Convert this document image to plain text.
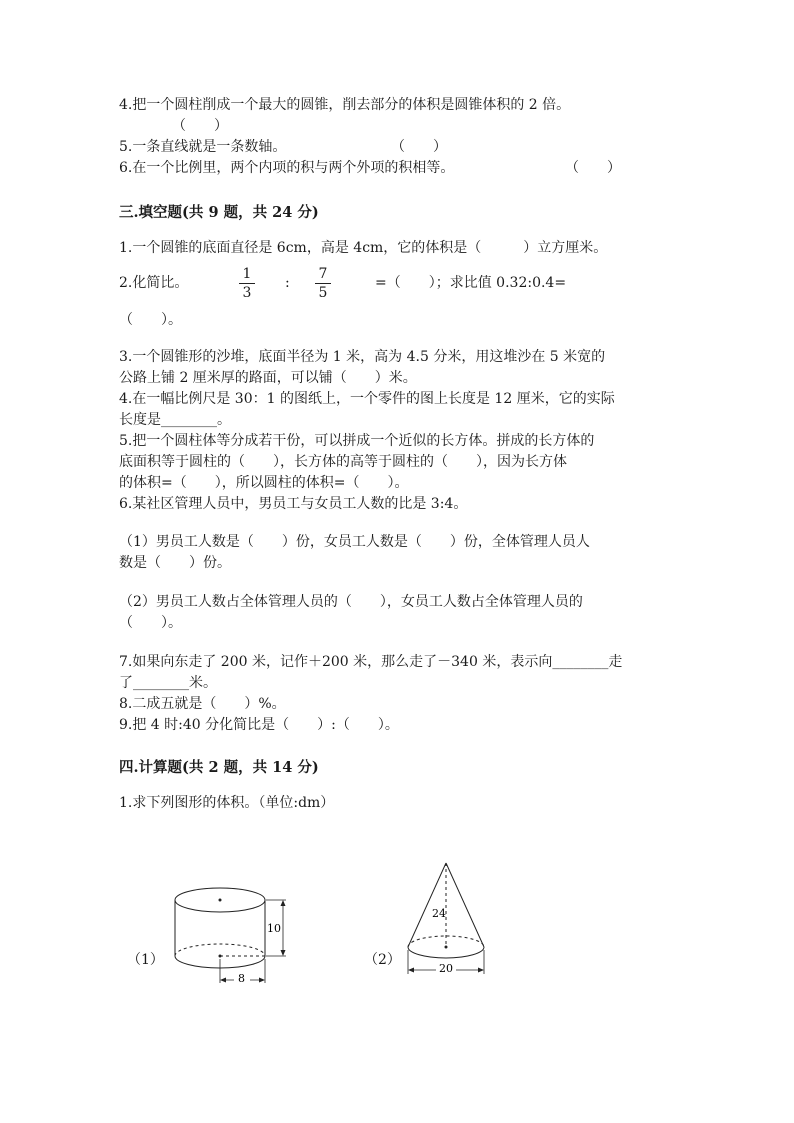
4.把一个圆柱削成一个最大的圆锥，削去部分的体积是圆锥体积的 2 倍。
（　　）
5.一条直线就是一条数轴。	（　　）
6.在一个比例里，两个内项的积与两个外项的积相等。	（　　）
三.填空题(共 9 题，共 24 分)
1.一个圆锥的底面直径是 6cm，高是 4cm，它的体积是（　　　）立方厘米。
2.化简比。
1
3
:
7
5
=（　　）；求比值 0.32:0.4=
（　　）。
3.一个圆锥形的沙堆，底面半径为 1 米，高为 4.5 分米，用这堆沙在 5 米宽的
公路上铺 2 厘米厚的路面，可以铺（　　）米。
4.在一幅比例尺是 30：1 的图纸上，一个零件的图上长度是 12 厘米，它的实际
长度是________。
5.把一个圆柱体等分成若干份，可以拼成一个近似的长方体。拼成的长方体的
底面积等于圆柱的（　　），长方体的高等于圆柱的（　　），因为长方体
的体积=（　　），所以圆柱的体积=（　　）。
6.某社区管理人员中，男员工与女员工人数的比是 3:4。
（1）男员工人数是（　　）份，女员工人数是（　　）份，全体管理人员人
数是（　　）份。
（2）男员工人数占全体管理人员的（　　），女员工人数占全体管理人员的
（　　）。
7.如果向东走了 200 米，记作＋200 米，那么走了－340 米，表示向________走
了________米。
8.二成五就是（　　）%。
9.把 4 时:40 分化简比是（　　）:（　　）。
四.计算题(共 2 题，共 14 分)
1.求下列图形的体积。（单位:dm）
（1）
10
8
（2）
24
20
